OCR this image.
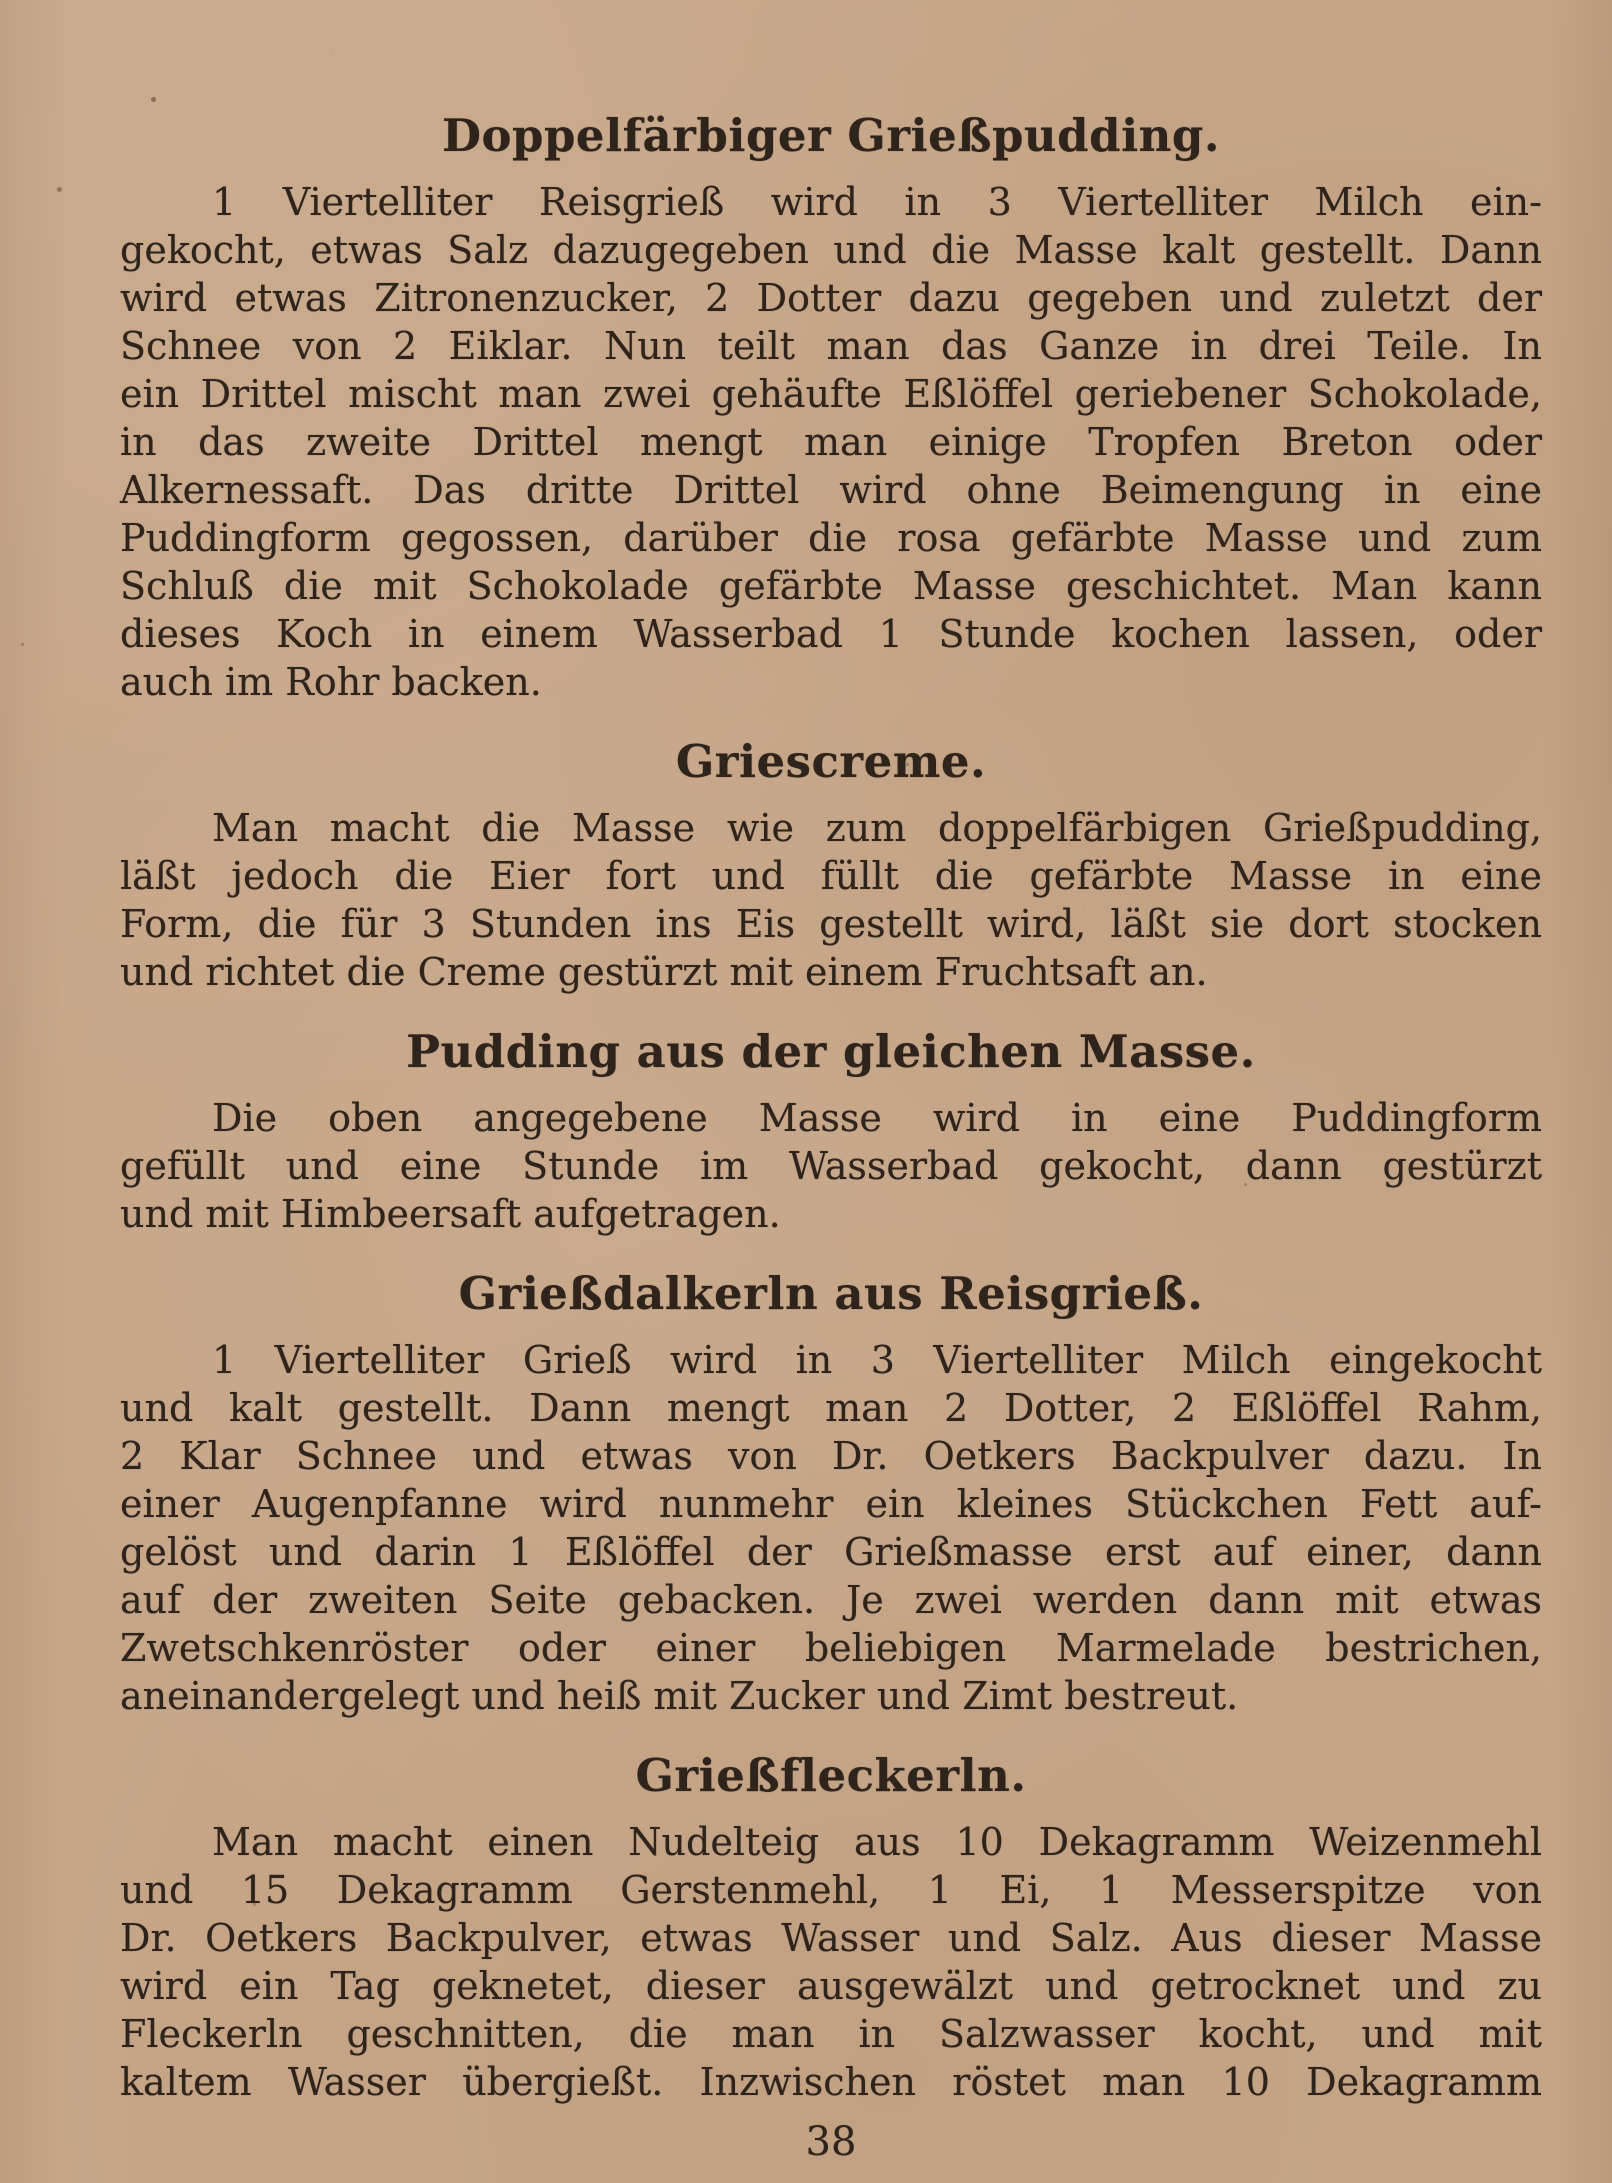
Doppelfärbiger Grießpudding.

1 Viertelliter Reisgrieß wird in 3 Viertelliter Milch ein-
gekocht, etwas Salz dazugegeben und die Masse kalt gestellt. Dann
wird etwas Zitronenzucker, 2 Dotter dazu gegeben und zuletzt der
Schnee von 2 Eiklar. Nun teilt man das Ganze in drei Teile. In
ein Drittel mischt man zwei gehäufte Eßlöffel geriebener Schokolade,
in das zweite Drittel mengt man einige Tropfen Breton oder
Alkernessaft. Das dritte Drittel wird ohne Beimengung in eine
Puddingform gegossen, darüber die rosa gefärbte Masse und zum
Schluß die mit Schokolade gefärbte Masse geschichtet. Man kann
dieses Koch in einem Wasserbad 1 Stunde kochen lassen, oder
auch im Rohr backen.

Griescreme.

Man macht die Masse wie zum doppelfärbigen Grießpudding,
läßt jedoch die Eier fort und füllt die gefärbte Masse in eine
Form, die für 3 Stunden ins Eis gestellt wird, läßt sie dort stocken
und richtet die Creme gestürzt mit einem Fruchtsaft an.

Pudding aus der gleichen Masse.

Die oben angegebene Masse wird in eine Puddingform
gefüllt und eine Stunde im Wasserbad gekocht, dann gestürzt
und mit Himbeersaft aufgetragen.

Grießdalkerln aus Reisgrieß.

1 Viertelliter Grieß wird in 3 Viertelliter Milch eingekocht
und kalt gestellt. Dann mengt man 2 Dotter, 2 Eßlöffel Rahm,
2 Klar Schnee und etwas von Dr. Oetkers Backpulver dazu. In
einer Augenpfanne wird nunmehr ein kleines Stückchen Fett auf-
gelöst und darin 1 Eßlöffel der Grießmasse erst auf einer, dann
auf der zweiten Seite gebacken. Je zwei werden dann mit etwas
Zwetschkenröster oder einer beliebigen Marmelade bestrichen,
aneinandergelegt und heiß mit Zucker und Zimt bestreut.

Grießfleckerln.

Man macht einen Nudelteig aus 10 Dekagramm Weizenmehl
und 15 Dekagramm Gerstenmehl, 1 Ei, 1 Messerspitze von
Dr. Oetkers Backpulver, etwas Wasser und Salz. Aus dieser Masse
wird ein Tag geknetet, dieser ausgewälzt und getrocknet und zu
Fleckerln geschnitten, die man in Salzwasser kocht, und mit
kaltem Wasser übergießt. Inzwischen röstet man 10 Dekagramm

38
